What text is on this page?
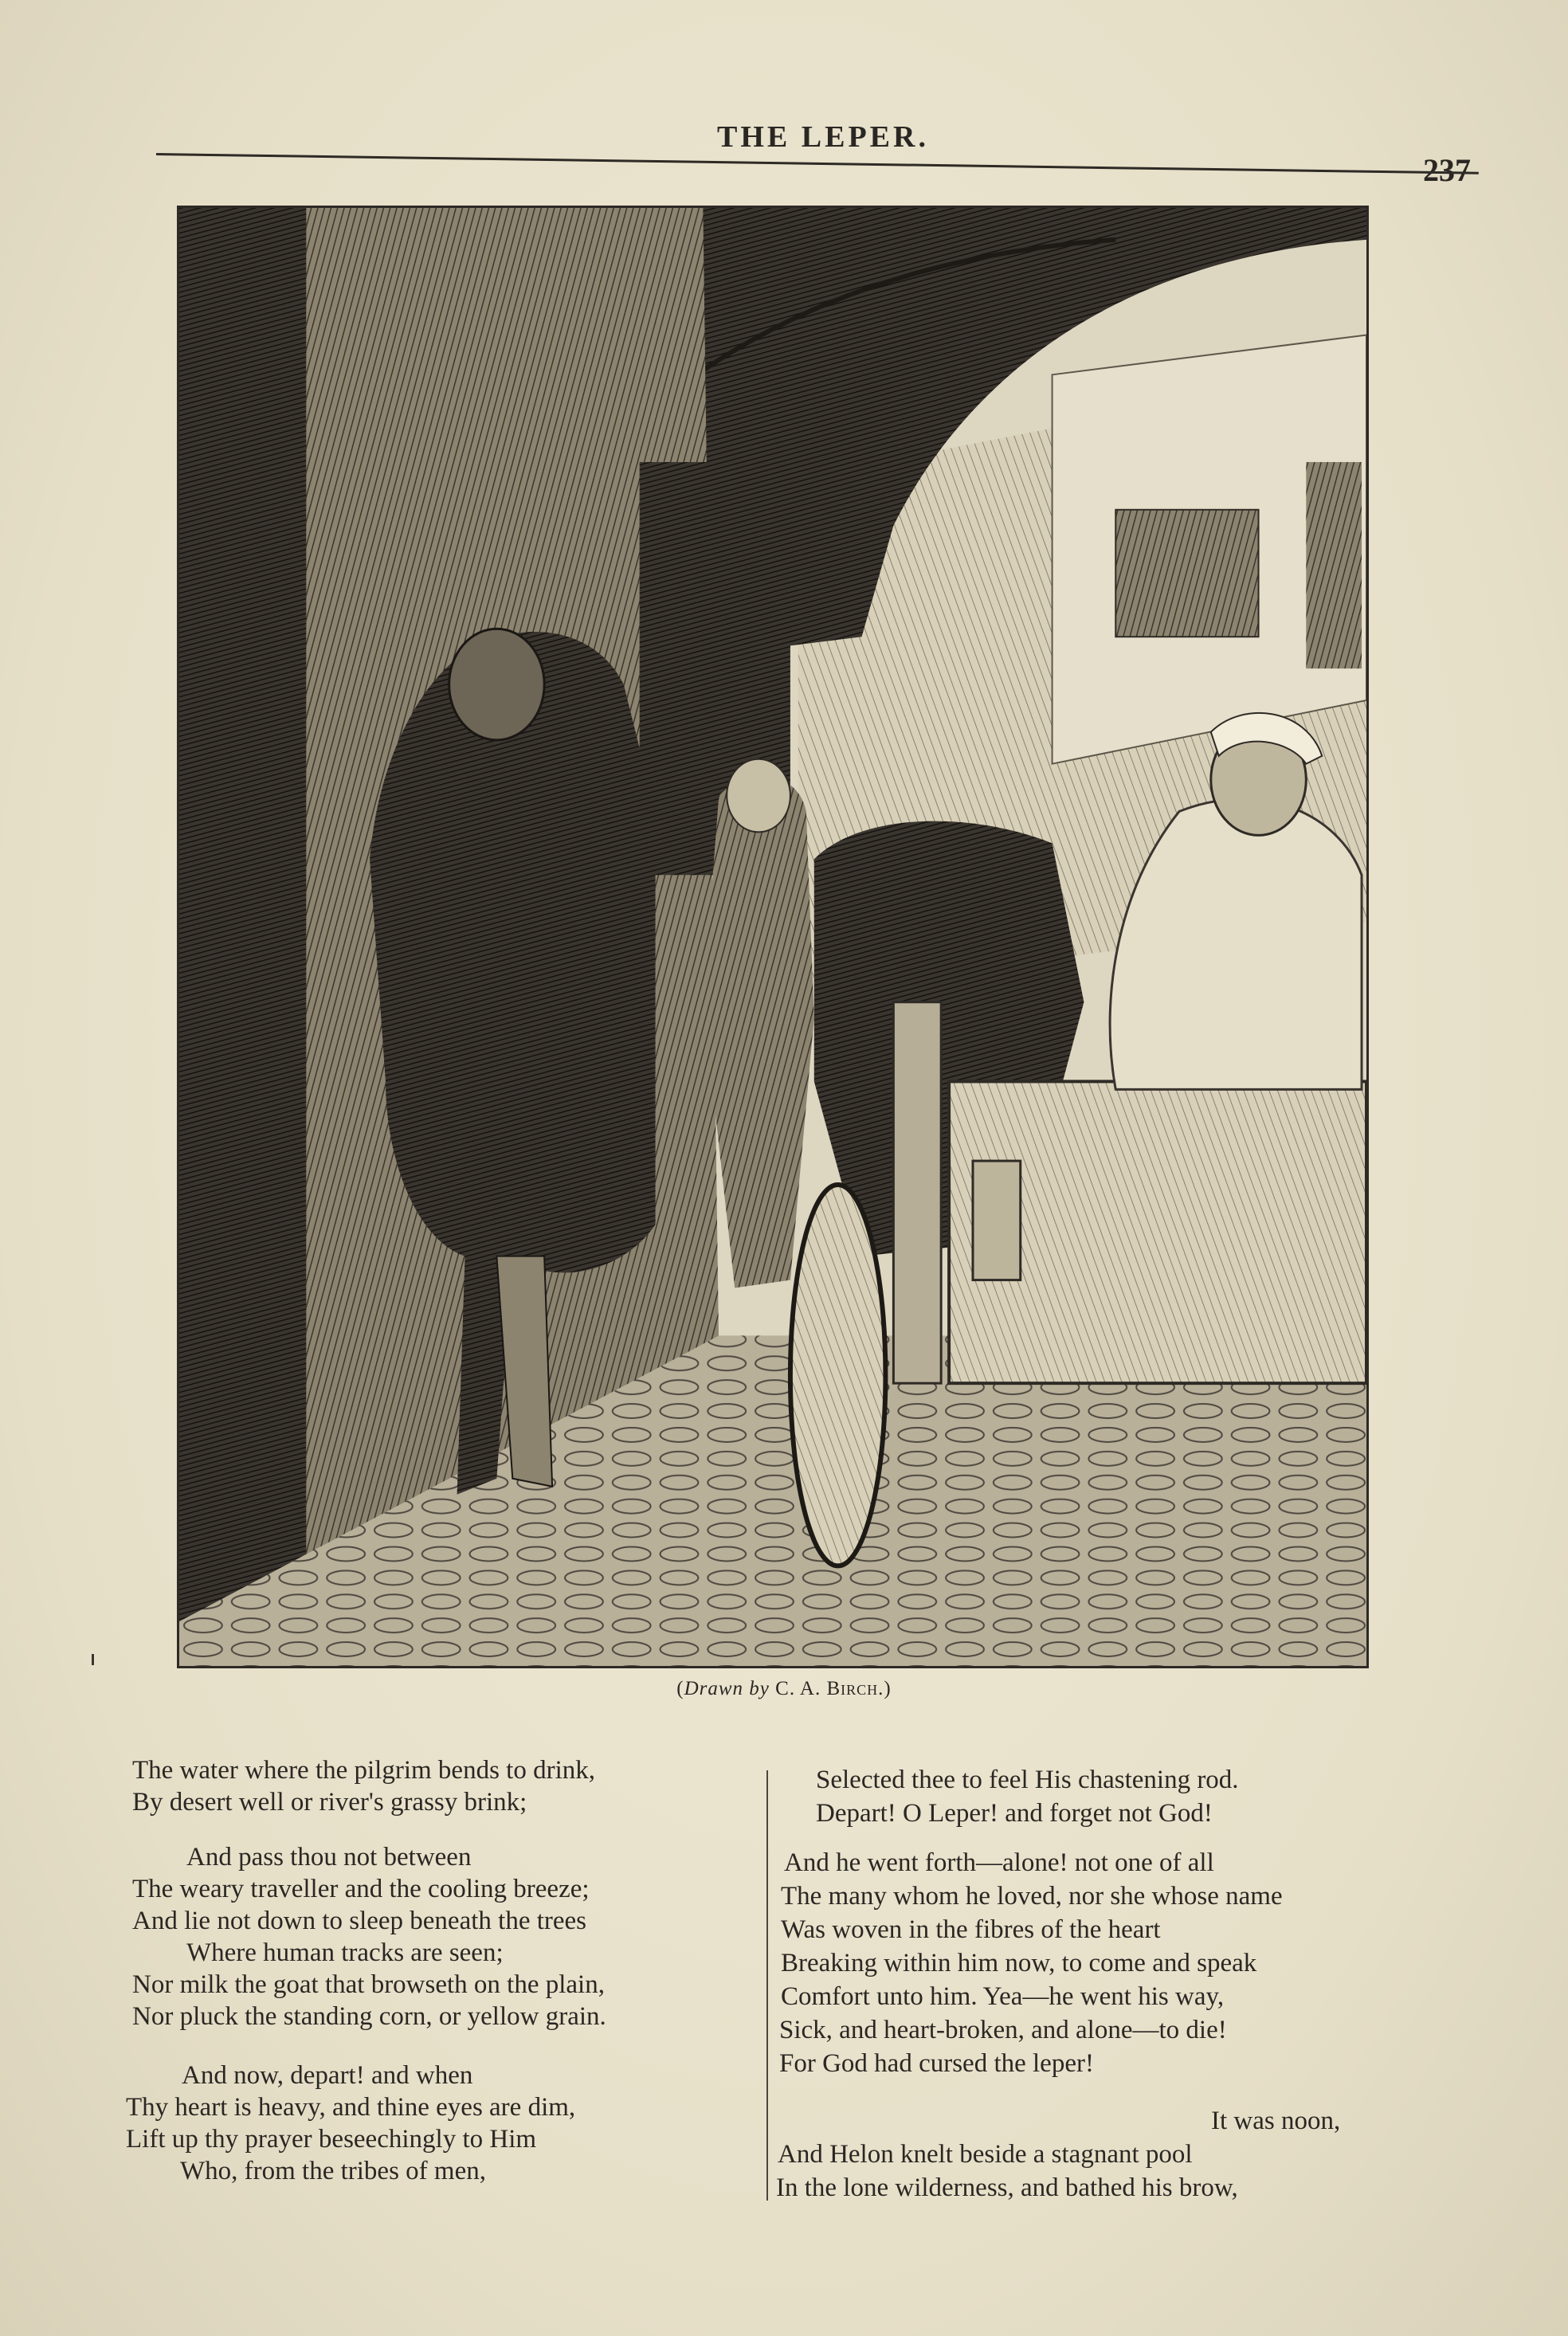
THE LEPER.
237
(Drawn by C. A. Birch.)
The water where the pilgrim bends to drink,
By desert well or river's grassy brink;
And pass thou not between
The weary traveller and the cooling breeze;
And lie not down to sleep beneath the trees
Where human tracks are seen;
Nor milk the goat that browseth on the plain,
Nor pluck the standing corn, or yellow grain.
And now, depart! and when
Thy heart is heavy, and thine eyes are dim,
Lift up thy prayer beseechingly to Him
Who, from the tribes of men,
Selected thee to feel His chastening rod.
Depart! O Leper! and forget not God!
And he went forth—alone! not one of all
The many whom he loved, nor she whose name
Was woven in the fibres of the heart
Breaking within him now, to come and speak
Comfort unto him. Yea—he went his way,
Sick, and heart-broken, and alone—to die!
For God had cursed the leper!
It was noon,
And Helon knelt beside a stagnant pool
In the lone wilderness, and bathed his brow,
